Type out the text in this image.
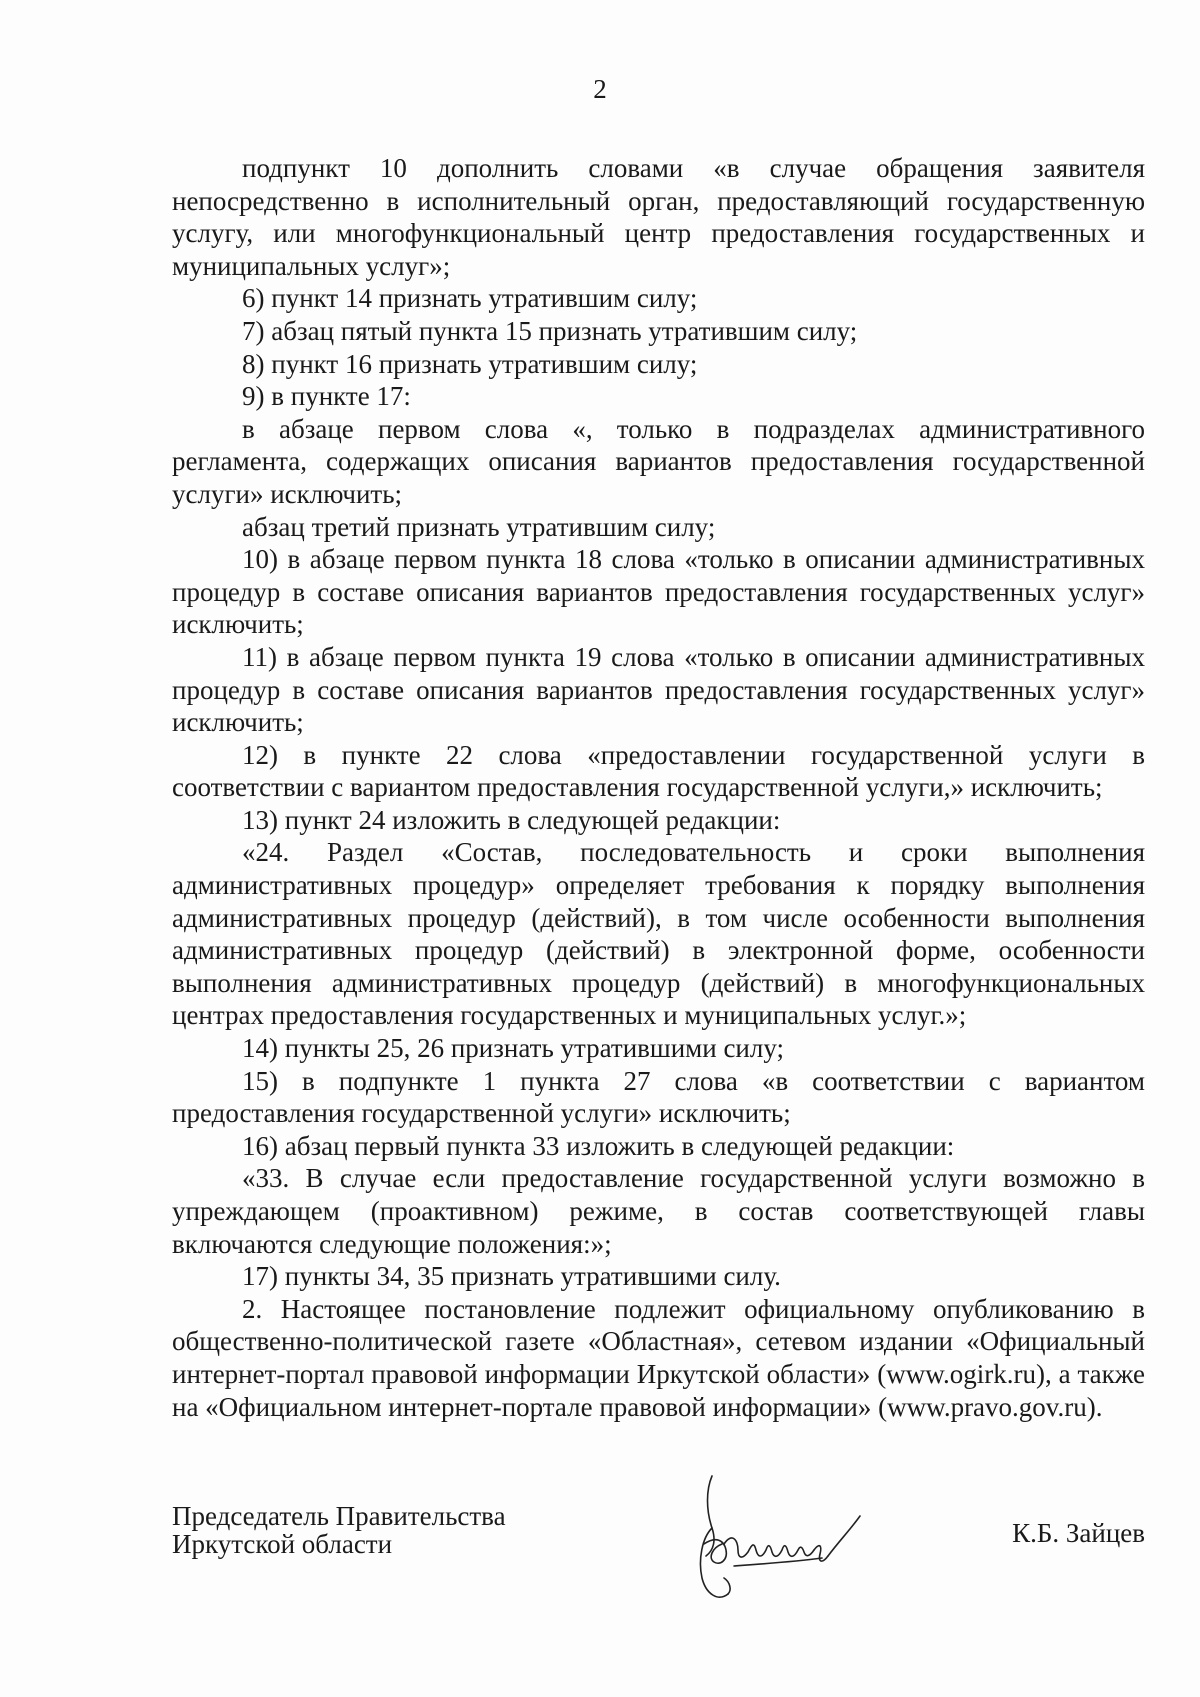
2

подпункт 10 дополнить словами «в случае обращения заявителя непосредственно в исполнительный орган, предоставляющий государственную услугу, или многофункциональный центр предоставления государственных и муниципальных услуг»;

6) пункт 14 признать утратившим силу;

7) абзац пятый пункта 15 признать утратившим силу;

8) пункт 16 признать утратившим силу;

9) в пункте 17:

в абзаце первом слова «, только в подразделах административного регламента, содержащих описания вариантов предоставления государственной услуги» исключить;

абзац третий признать утратившим силу;

10) в абзаце первом пункта 18 слова «только в описании административных процедур в составе описания вариантов предоставления государственных услуг» исключить;

11) в абзаце первом пункта 19 слова «только в описании административных процедур в составе описания вариантов предоставления государственных услуг» исключить;

12) в пункте 22 слова «предоставлении государственной услуги в соответствии с вариантом предоставления государственной услуги,» исключить;

13) пункт 24 изложить в следующей редакции:

«24. Раздел «Состав, последовательность и сроки выполнения административных процедур» определяет требования к порядку выполнения административных процедур (действий), в том числе особенности выполнения административных процедур (действий) в электронной форме, особенности выполнения административных процедур (действий) в многофункциональных центрах предоставления государственных и муниципальных услуг.»;

14) пункты 25, 26 признать утратившими силу;

15) в подпункте 1 пункта 27 слова «в соответствии с вариантом предоставления государственной услуги» исключить;

16) абзац первый пункта 33 изложить в следующей редакции:

«33. В случае если предоставление государственной услуги возможно в упреждающем (проактивном) режиме, в состав соответствующей главы включаются следующие положения:»;

17) пункты 34, 35 признать утратившими силу.

2. Настоящее постановление подлежит официальному опубликованию в общественно-политической газете «Областная», сетевом издании «Официальный интернет-портал правовой информации Иркутской области» (www.ogirk.ru), а также на «Официальном интернет-портале правовой информации» (www.pravo.gov.ru).

Председатель Правительства
Иркутской области	К.Б. Зайцев
